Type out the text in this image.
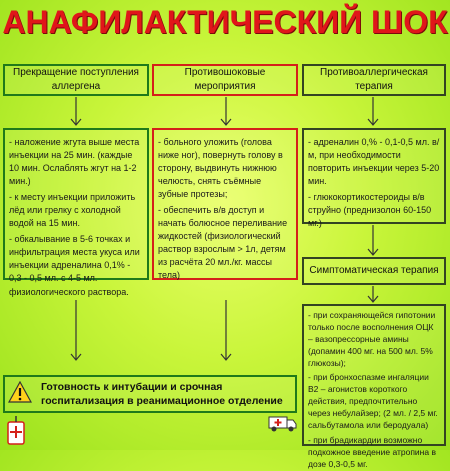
АНАФИЛАКТИЧЕСКИЙ ШОК
Прекращение поступления аллергена
Противошоковые мероприятия
Противоаллергическая терапия
- наложение жгута выше места инъекции на 25 мин. (каждые 10 мин. Ослаблять жгут на 1-2 мин.)
- к месту инъекции приложить лёд или грелку с холодной водой на 15 мин.
- обкалывание в 5-6 точках и инфильтрация места укуса или инъекции адреналина 0,1% - 0,3 - 0,5 мл. с 4-5 мл. физиологического раствора.
- больного уложить (голова ниже ног), повернуть голову в сторону, выдвинуть нижнюю челюсть, снять съёмные зубные протезы;
- обеспечить в/в доступ и начать болюсное переливание жидкостей (физиологический раствор взрослым > 1л, детям из расчёта 20 мл./кг. массы тела)
- адреналин 0,% - 0,1-0,5 мл. в/м, при необходимости повторить инъекции через 5-20 мин.
- глюкокортикостероиды в/в струйно (преднизолон 60-150 мг.)
Симптоматическая терапия
- при сохраняющейся гипотонии только после восполнения ОЦК – вазопрессорные амины (допамин 400 мг. на 500 мл. 5% глюкозы);
- при бронхоспазме ингаляции B2 – агонистов короткого действия, предпочтительно через небулайзер; (2 мл. / 2,5 мг. сальбутамола или беродуала)
- при брадикардии возможно подкожное введение атропина в дозе 0,3-0,5 мг.
Готовность к интубации и срочная госпитализация в реанимационное отделение
